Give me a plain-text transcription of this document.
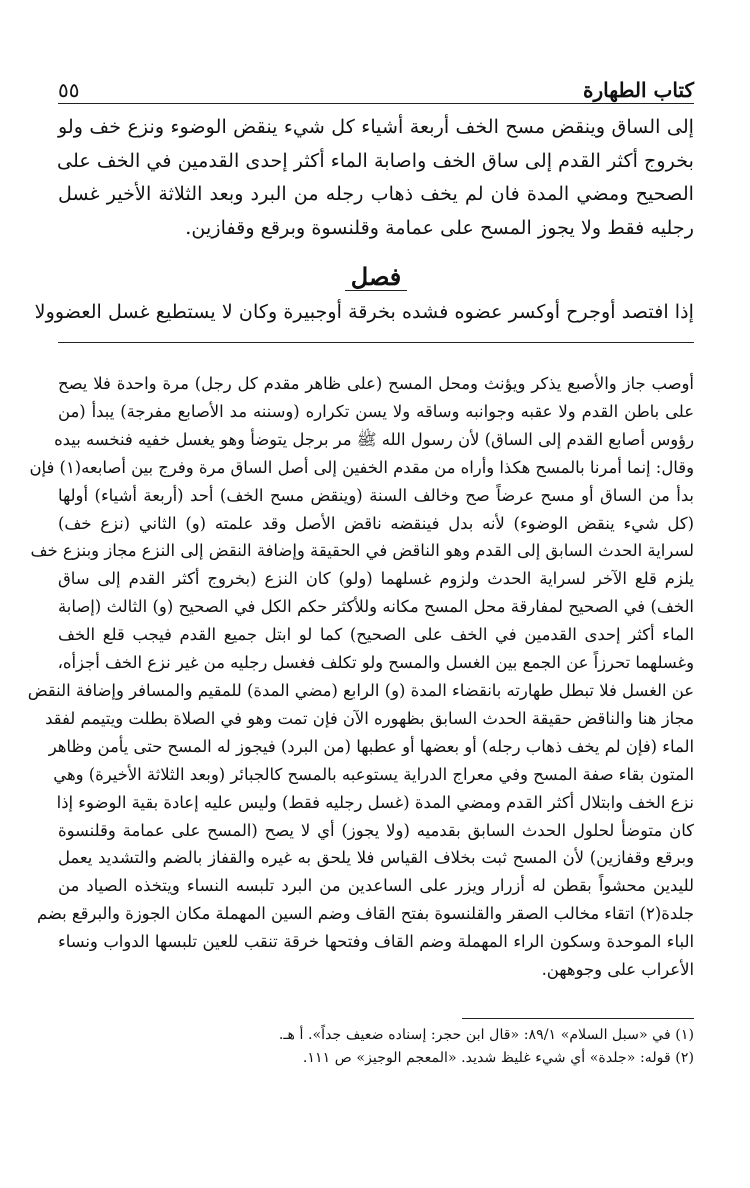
كتاب الطهارة
٥٥
إلى الساق وينقض مسح الخف أربعة أشياء كل شيء ينقض الوضوء ونزع خف ولو
بخروج أكثر القدم إلى ساق الخف واصابة الماء أكثر إحدى القدمين في الخف على
الصحيح ومضي المدة فان لم يخف ذهاب رجله من البرد وبعد الثلاثة الأخير غسل
رجليه فقط ولا يجوز المسح على عمامة وقلنسوة وبرقع وقفازين.
فصل
إذا افتصد أوجرح أوكسر عضوه فشده بخرقة أوجبيرة وكان لا يستطيع غسل العضوولا
أوصب جاز والأصبع يذكر ويؤنث ومحل المسح (على ظاهر مقدم كل رجل) مرة واحدة فلا يصح
على باطن القدم ولا عقبه وجوانبه وساقه ولا يسن تكراره (وسننه مد الأصابع مفرجة) يبدأ (من
رؤوس أصابع القدم إلى الساق) لأن رسول الله ﷺ مر برجل يتوضأ وهو يغسل خفيه فنخسه بيده
وقال: إنما أمرنا بالمسح هكذا وأراه من مقدم الخفين إلى أصل الساق مرة وفرج بين أصابعه(١) فإن
بدأ من الساق أو مسح عرضاً صح وخالف السنة (وينقض مسح الخف) أحد (أربعة أشياء) أولها
(كل شيء ينقض الوضوء) لأنه بدل فينقضه ناقض الأصل وقد علمته (و) الثاني (نزع خف)
لسراية الحدث السابق إلى القدم وهو الناقض في الحقيقة وإضافة النقض إلى النزع مجاز وبنزع خف
يلزم قلع الآخر لسراية الحدث ولزوم غسلهما (ولو) كان النزع (بخروج أكثر القدم إلى ساق
الخف) في الصحيح لمفارقة محل المسح مكانه وللأكثر حكم الكل في الصحيح (و) الثالث (إصابة
الماء أكثر إحدى القدمين في الخف على الصحيح) كما لو ابتل جميع القدم فيجب قلع الخف
وغسلهما تحرزاً عن الجمع بين الغسل والمسح ولو تكلف فغسل رجليه من غير نزع الخف أجزأه،
عن الغسل فلا تبطل طهارته بانقضاء المدة (و) الرابع (مضي المدة) للمقيم والمسافر وإضافة النقض
مجاز هنا والناقض حقيقة الحدث السابق بظهوره الآن فإن تمت وهو في الصلاة بطلت ويتيمم لفقد
الماء (فإن لم يخف ذهاب رجله) أو بعضها أو عطبها (من البرد) فيجوز له المسح حتى يأمن وظاهر
المتون بقاء صفة المسح وفي معراج الدراية يستوعبه بالمسح كالجبائر (وبعد الثلاثة الأخيرة) وهي
نزع الخف وابتلال أكثر القدم ومضي المدة (غسل رجليه فقط) وليس عليه إعادة بقية الوضوء إذا
كان متوضأ لحلول الحدث السابق بقدميه (ولا يجوز) أي لا يصح (المسح على عمامة وقلنسوة
وبرقع وقفازين) لأن المسح ثبت بخلاف القياس فلا يلحق به غيره والقفاز بالضم والتشديد يعمل
لليدين محشواً بقطن له أزرار ويزر على الساعدين من البرد تلبسه النساء ويتخذه الصياد من
جلدة(٢) اتقاء مخالب الصقر والقلنسوة بفتح القاف وضم السين المهملة مكان الجوزة والبرقع بضم
الباء الموحدة وسكون الراء المهملة وضم القاف وفتحها خرقة تنقب للعين تلبسها الدواب ونساء
الأعراب على وجوههن.
(١) في «سبل السلام» ٨٩/١: «قال ابن حجر: إسناده ضعيف جداً». أ هـ.
(٢) قوله: «جلدة» أي شيء غليظ شديد. «المعجم الوجيز» ص ١١١.
